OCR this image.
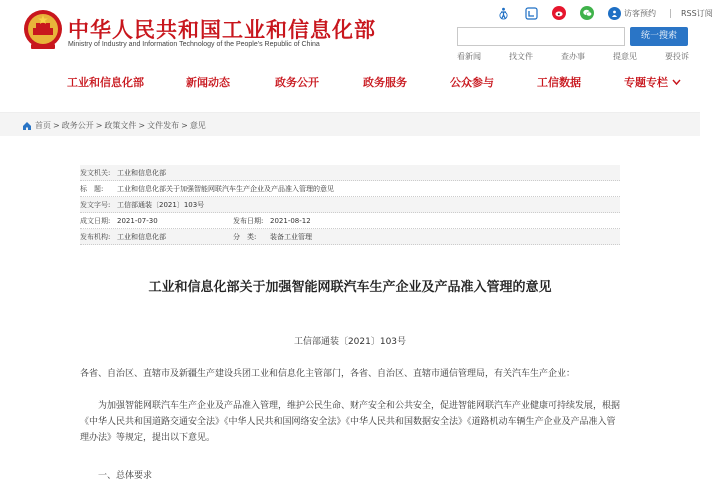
中华人民共和国工业和信息化部
Ministry of Industry and Information Technology of the People's Republic of China
访客预约	RSS订阅
统一搜索
看新闻	找文件	查办事	提意见	要投诉
工业和信息化部	新闻动态	政务公开	政务服务	公众参与	工信数据	专题专栏
首页 > 政务公开 > 政策文件 > 文件发布 > 意见
发文机关: 工业和信息化部
标　题:	工业和信息化部关于加强智能网联汽车生产企业及产品准入管理的意见
发文字号: 工信部通装〔2021〕103号
成文日期: 2021-07-30	发布日期: 2021-08-12
发布机构: 工业和信息化部	分　类: 装备工业管理
工业和信息化部关于加强智能网联汽车生产企业及产品准入管理的意见
工信部通装〔2021〕103号
各省、自治区、直辖市及新疆生产建设兵团工业和信息化主管部门，各省、自治区、直辖市通信管理局，有关汽车生产企业：
为加强智能网联汽车生产企业及产品准入管理，维护公民生命、财产安全和公共安全，促进智能网联汽车产业健康可持续发展，根据《中华人民共和国道路交通安全法》《中华人民共和国网络安全法》《中华人民共和国数据安全法》《道路机动车辆生产企业及产品准入管理办法》等规定，提出以下意见。
一、总体要求
